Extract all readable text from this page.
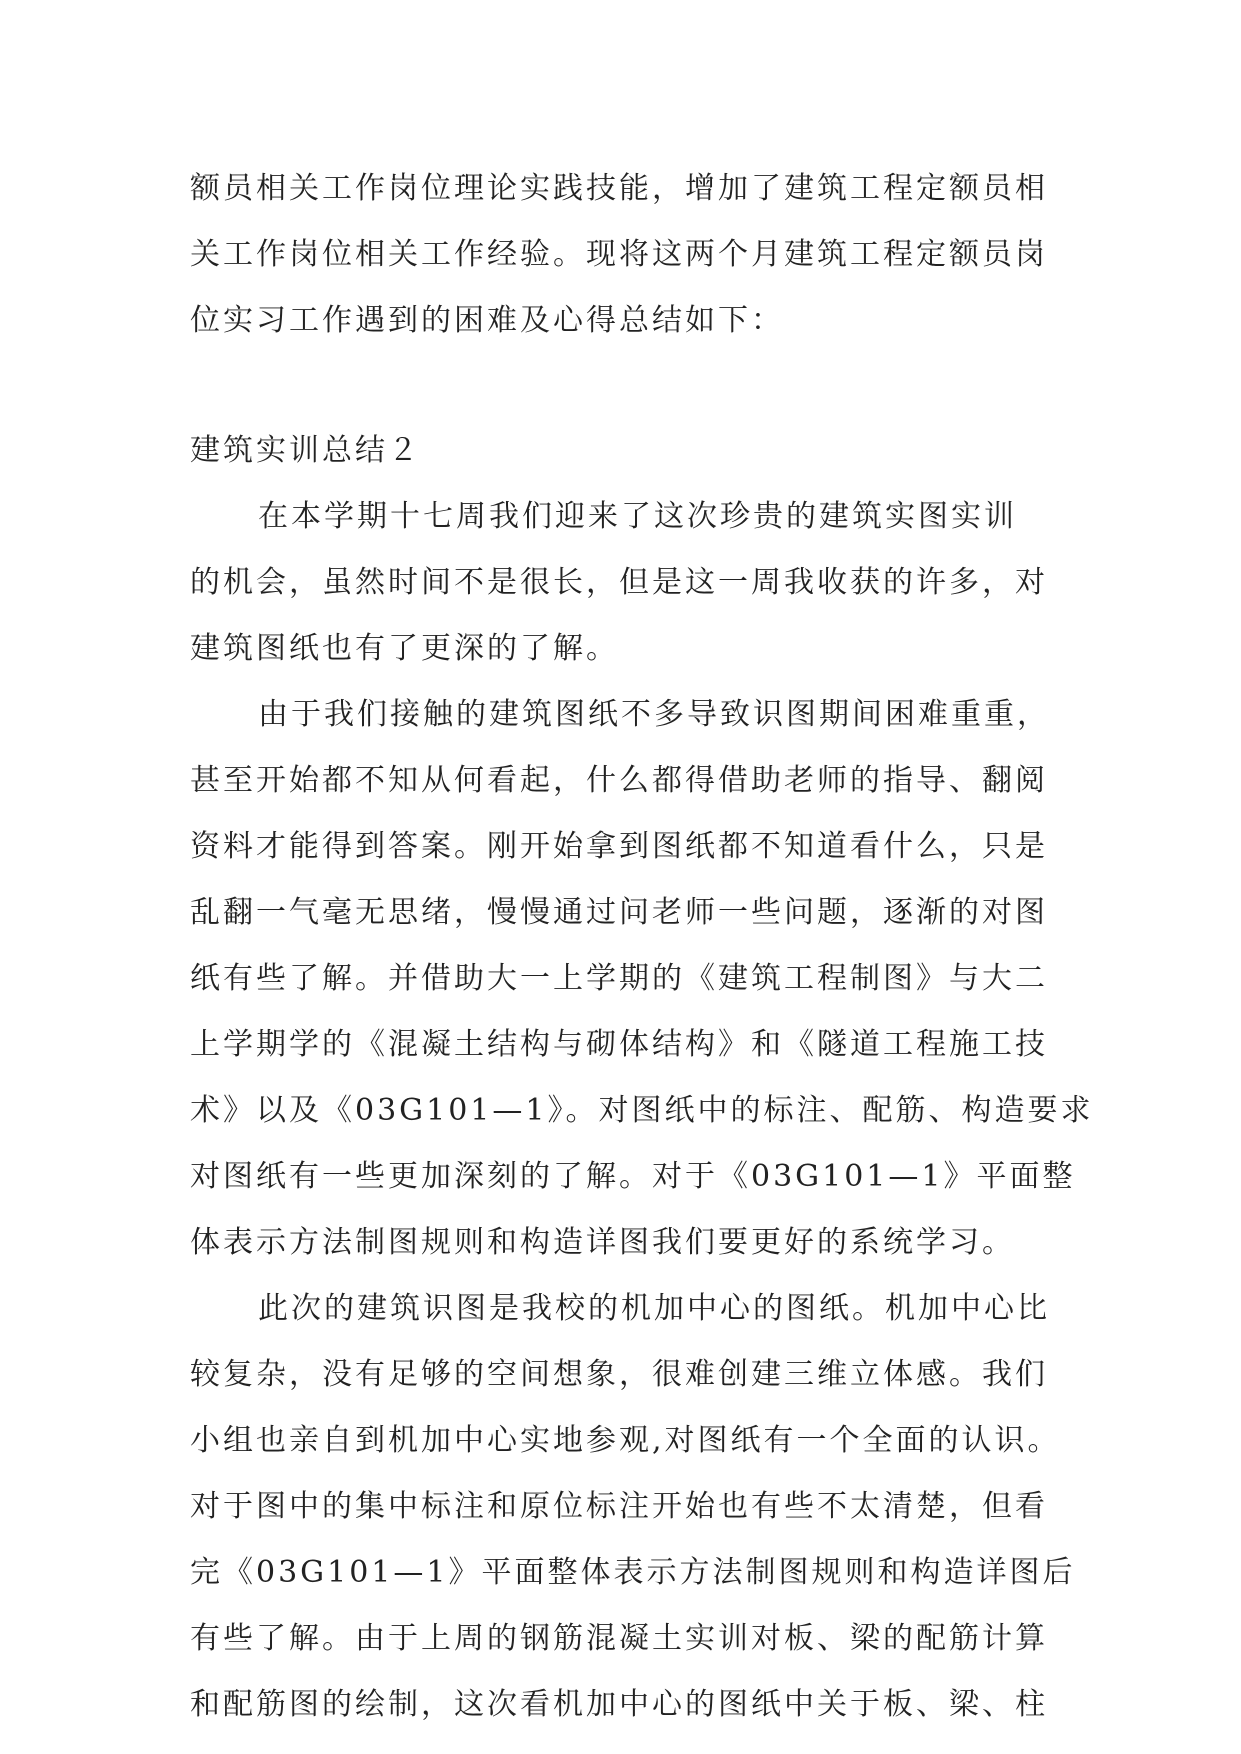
额员相关工作岗位理论实践技能，增加了建筑工程定额员相
关工作岗位相关工作经验。现将这两个月建筑工程定额员岗
位实习工作遇到的困难及心得总结如下：
建筑实训总结２
在本学期十七周我们迎来了这次珍贵的建筑实图实训
的机会，虽然时间不是很长，但是这一周我收获的许多，对
建筑图纸也有了更深的了解。
由于我们接触的建筑图纸不多导致识图期间困难重重，
甚至开始都不知从何看起，什么都得借助老师的指导、翻阅
资料才能得到答案。刚开始拿到图纸都不知道看什么，只是
乱翻一气毫无思绪，慢慢通过问老师一些问题，逐渐的对图
纸有些了解。并借助大一上学期的《建筑工程制图》与大二
上学期学的《混凝土结构与砌体结构》和《隧道工程施工技
术》以及《03G101—1》。对图纸中的标注、配筋、构造要求
对图纸有一些更加深刻的了解。对于《03G101—1》平面整
体表示方法制图规则和构造详图我们要更好的系统学习。
此次的建筑识图是我校的机加中心的图纸。机加中心比
较复杂，没有足够的空间想象，很难创建三维立体感。我们
小组也亲自到机加中心实地参观,对图纸有一个全面的认识。
对于图中的集中标注和原位标注开始也有些不太清楚，但看
完《03G101—1》平面整体表示方法制图规则和构造详图后
有些了解。由于上周的钢筋混凝土实训对板、梁的配筋计算
和配筋图的绘制，这次看机加中心的图纸中关于板、梁、柱
